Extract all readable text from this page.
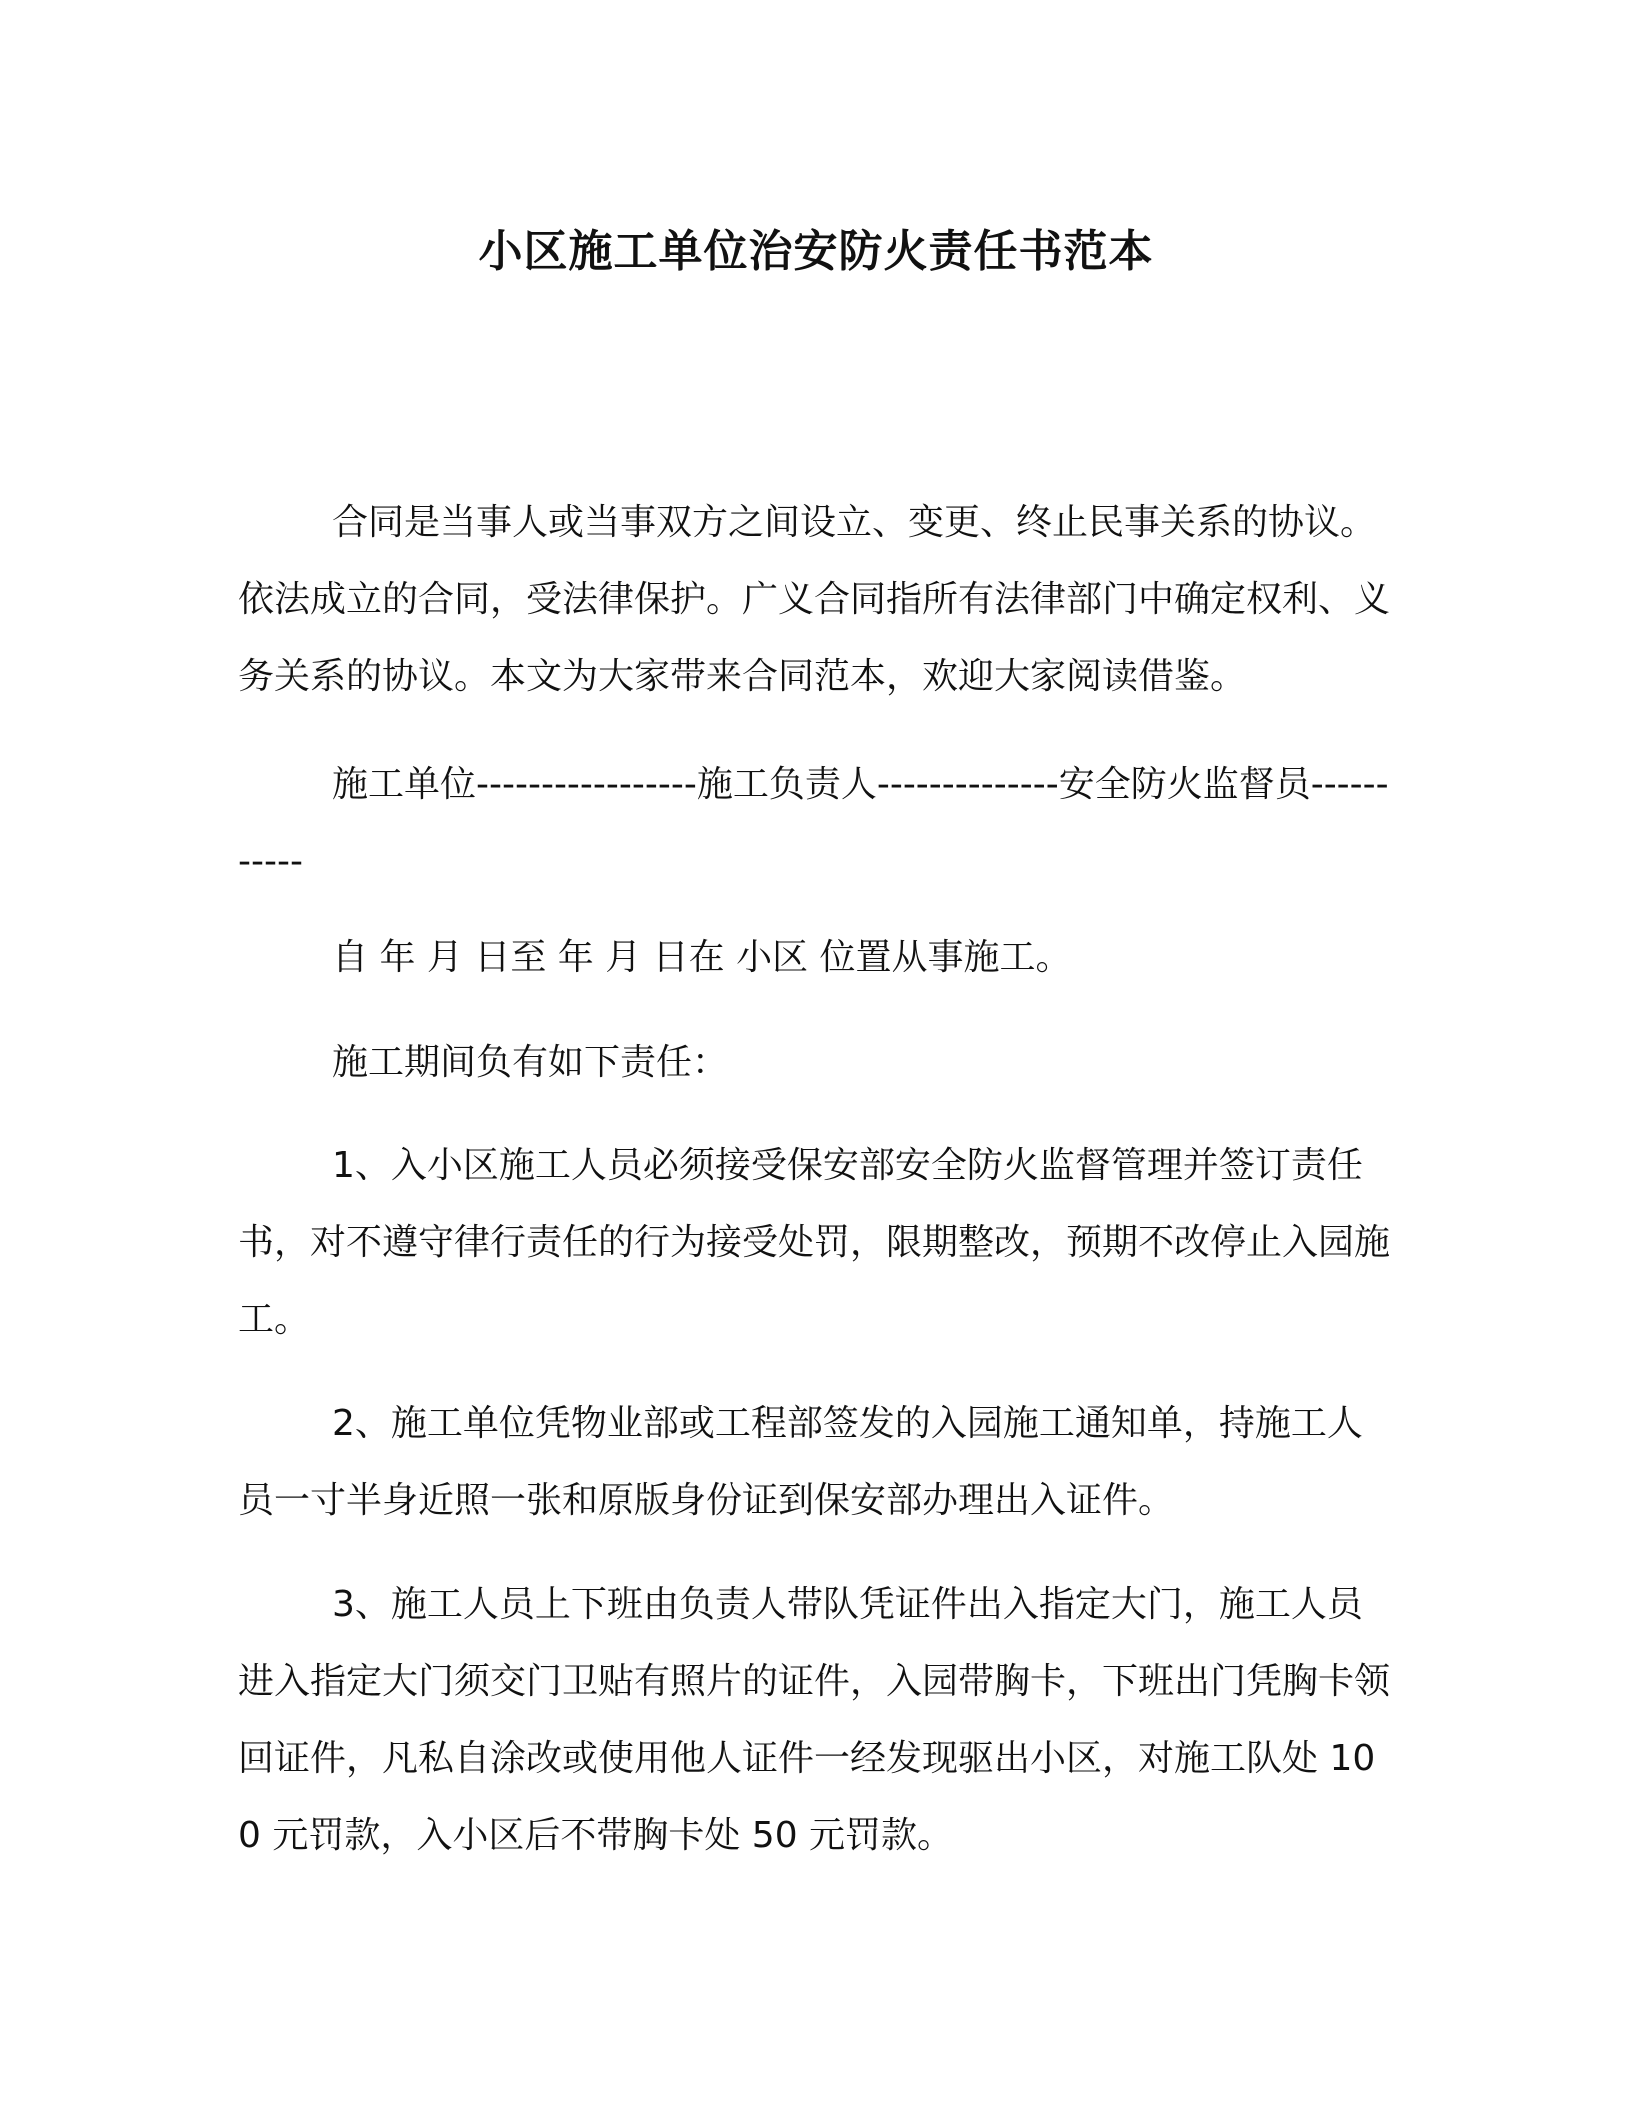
小区施工单位治安防火责任书范本

合同是当事人或当事双方之间设立、变更、终止民事关系的协议。依法成立的合同，受法律保护。广义合同指所有法律部门中确定权利、义务关系的协议。本文为大家带来合同范本，欢迎大家阅读借鉴。

施工单位-----------------施工负责人--------------安全防火监督员-----------

自 年 月 日至 年 月 日在 小区 位置从事施工。

施工期间负有如下责任：

1、入小区施工人员必须接受保安部安全防火监督管理并签订责任书，对不遵守律行责任的行为接受处罚，限期整改，预期不改停止入园施工。

2、施工单位凭物业部或工程部签发的入园施工通知单，持施工人员一寸半身近照一张和原版身份证到保安部办理出入证件。

3、施工人员上下班由负责人带队凭证件出入指定大门，施工人员进入指定大门须交门卫贴有照片的证件，入园带胸卡，下班出门凭胸卡领回证件，凡私自涂改或使用他人证件一经发现驱出小区，对施工队处 100 元罚款，入小区后不带胸卡处 50 元罚款。
